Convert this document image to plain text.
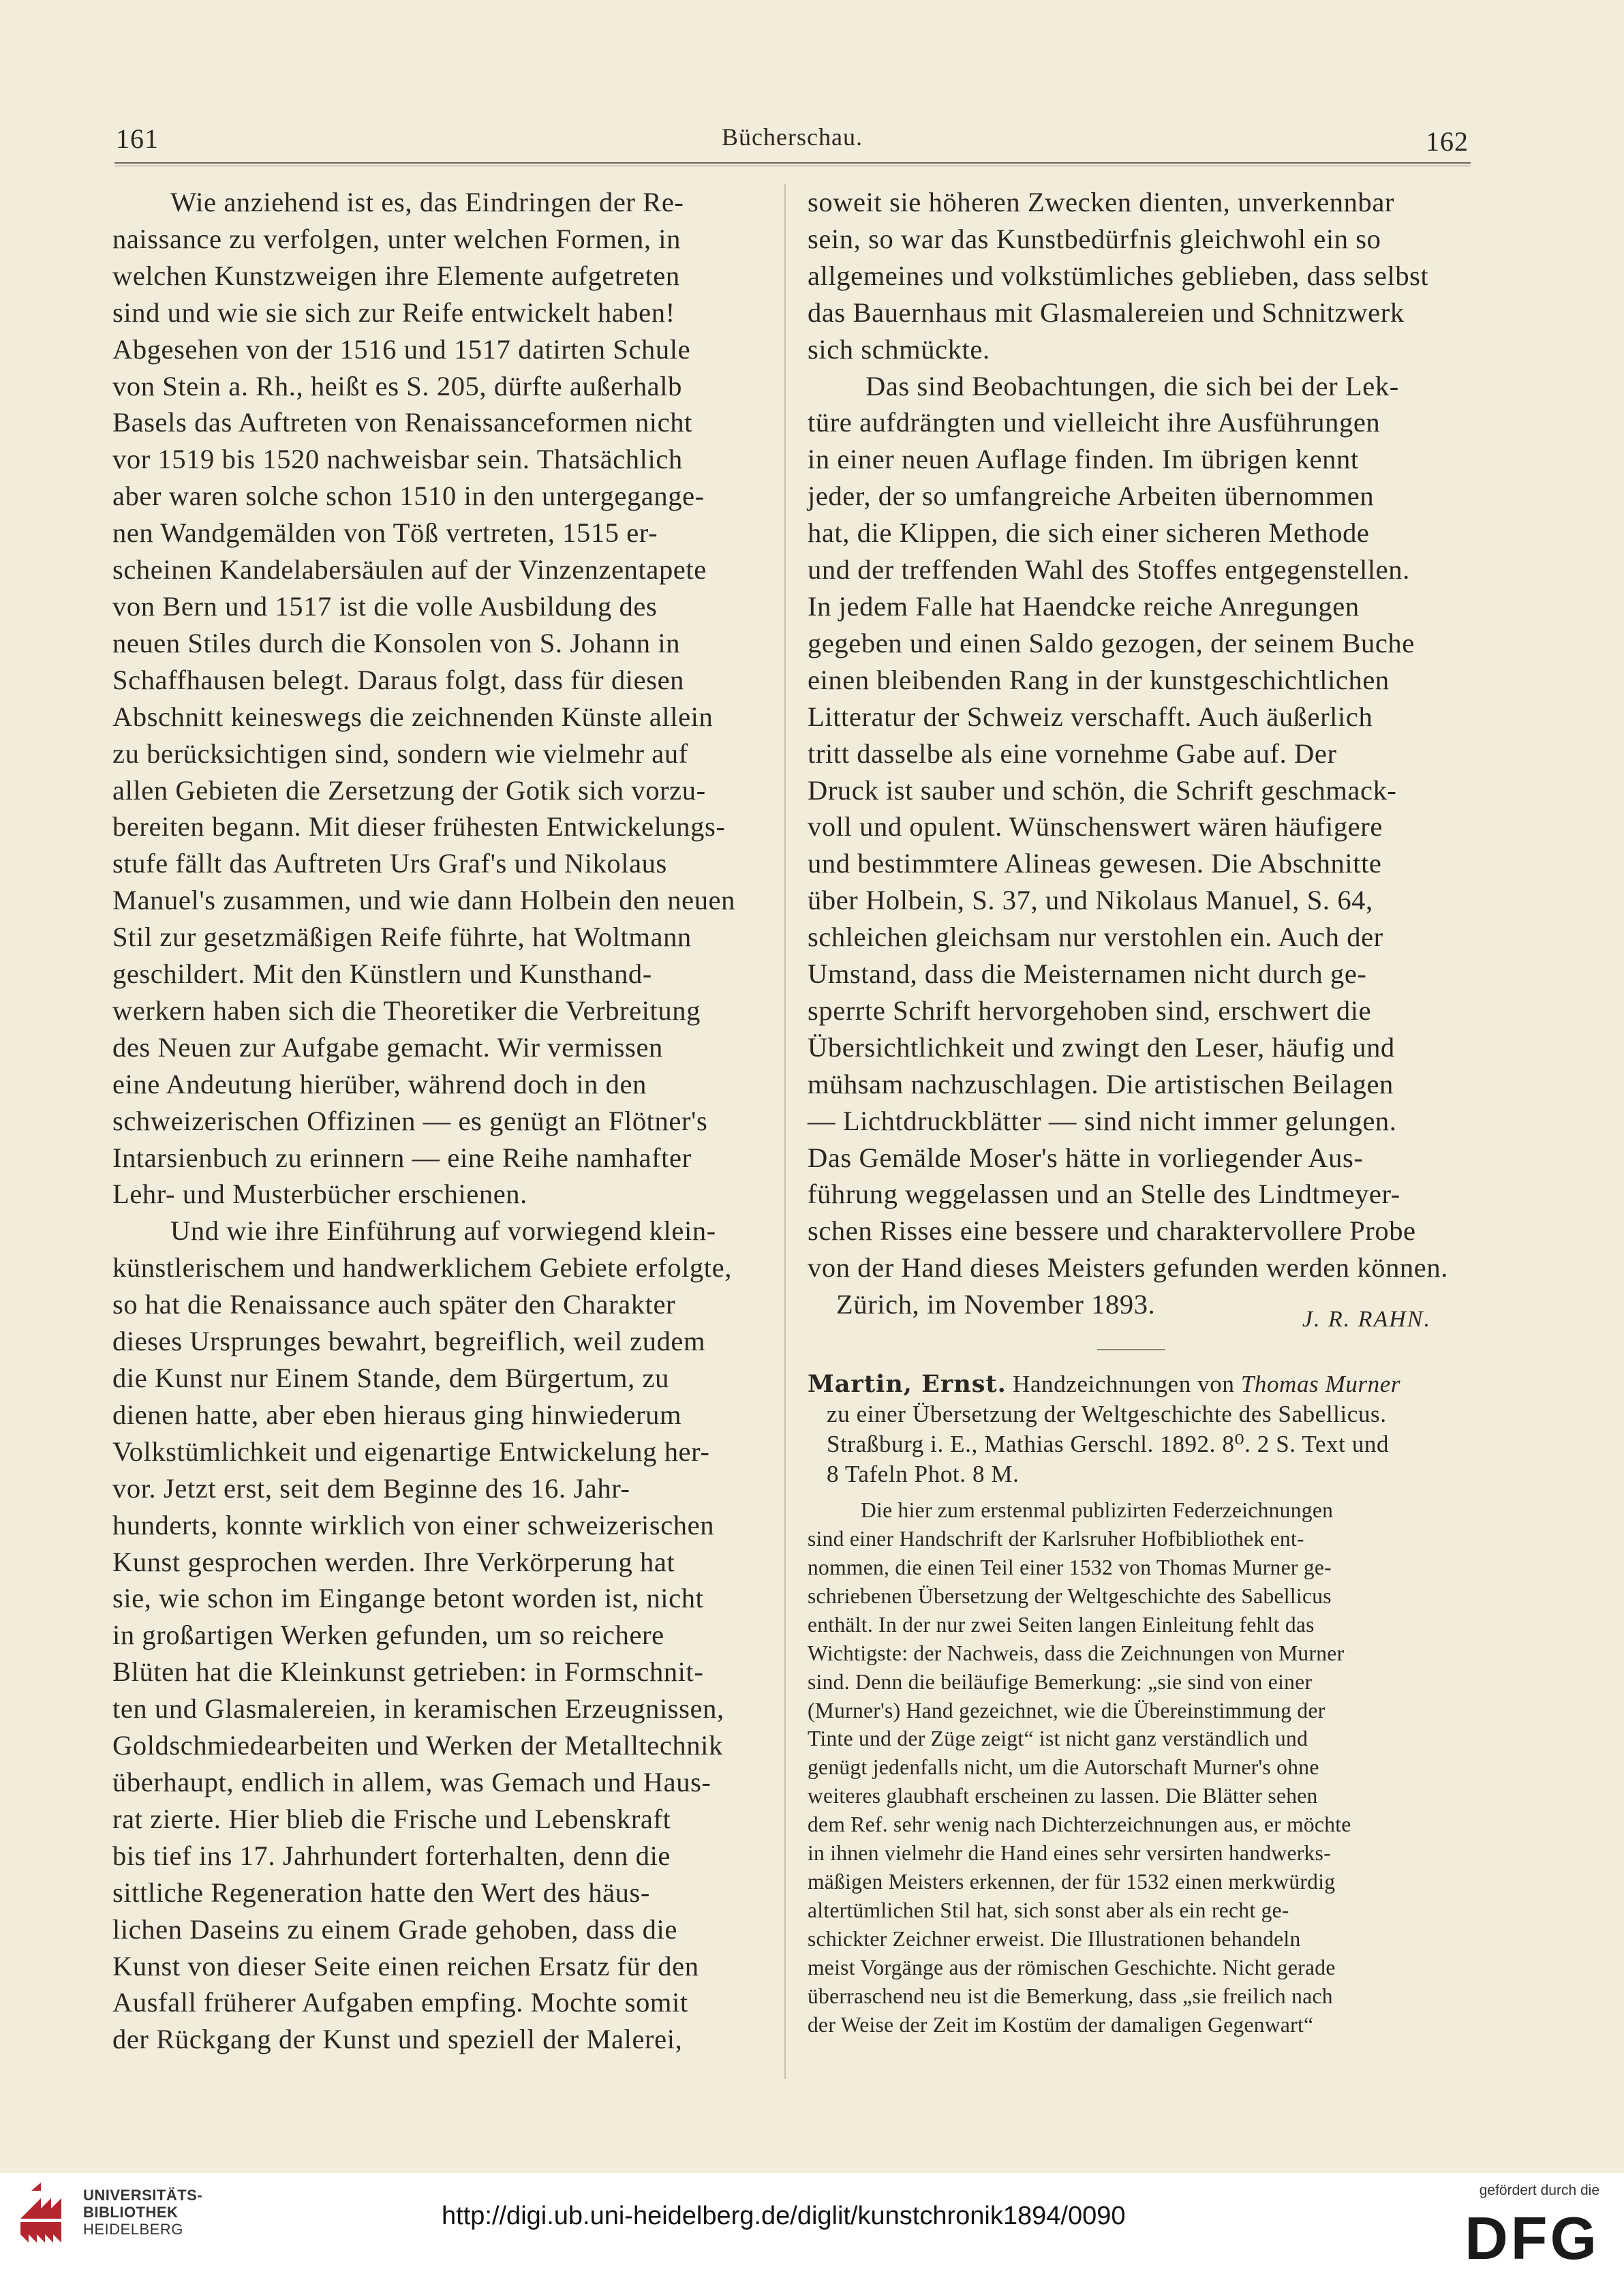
161	Bücherschau.	162

Wie anziehend ist es, das Eindringen der Re-

naissance zu verfolgen, unter welchen Formen, in

welchen Kunstzweigen ihre Elemente aufgetreten

sind und wie sie sich zur Reife entwickelt haben!

Abgesehen von der 1516 und 1517 datirten Schule

von Stein a. Rh., heißt es S. 205, dürfte außerhalb

Basels das Auftreten von Renaissanceformen nicht

vor 1519 bis 1520 nachweisbar sein. Thatsächlich

aber waren solche schon 1510 in den untergegange-

nen Wandgemälden von Töß vertreten, 1515 er-

scheinen Kandelabersäulen auf der Vinzenzentapete

von Bern und 1517 ist die volle Ausbildung des

neuen Stiles durch die Konsolen von S. Johann in

Schaffhausen belegt. Daraus folgt, dass für diesen

Abschnitt keineswegs die zeichnenden Künste allein

zu berücksichtigen sind, sondern wie vielmehr auf

allen Gebieten die Zersetzung der Gotik sich vorzu-

bereiten begann. Mit dieser frühesten Entwickelungs-

stufe fällt das Auftreten Urs Graf's und Nikolaus

Manuel's zusammen, und wie dann Holbein den neuen

Stil zur gesetzmäßigen Reife führte, hat Woltmann

geschildert. Mit den Künstlern und Kunsthand-

werkern haben sich die Theoretiker die Verbreitung

des Neuen zur Aufgabe gemacht. Wir vermissen

eine Andeutung hierüber, während doch in den

schweizerischen Offizinen — es genügt an Flötner's

Intarsienbuch zu erinnern — eine Reihe namhafter

Lehr- und Musterbücher erschienen.

Und wie ihre Einführung auf vorwiegend klein-

künstlerischem und handwerklichem Gebiete erfolgte,

so hat die Renaissance auch später den Charakter

dieses Ursprunges bewahrt, begreiflich, weil zudem

die Kunst nur Einem Stande, dem Bürgertum, zu

dienen hatte, aber eben hieraus ging hinwiederum

Volkstümlichkeit und eigenartige Entwickelung her-

vor. Jetzt erst, seit dem Beginne des 16. Jahr-

hunderts, konnte wirklich von einer schweizerischen

Kunst gesprochen werden. Ihre Verkörperung hat

sie, wie schon im Eingange betont worden ist, nicht

in großartigen Werken gefunden, um so reichere

Blüten hat die Kleinkunst getrieben: in Formschnit-

ten und Glasmalereien, in keramischen Erzeugnissen,

Goldschmiedearbeiten und Werken der Metalltechnik

überhaupt, endlich in allem, was Gemach und Haus-

rat zierte. Hier blieb die Frische und Lebenskraft

bis tief ins 17. Jahrhundert forterhalten, denn die

sittliche Regeneration hatte den Wert des häus-

lichen Daseins zu einem Grade gehoben, dass die

Kunst von dieser Seite einen reichen Ersatz für den

Ausfall früherer Aufgaben empfing. Mochte somit

der Rückgang der Kunst und speziell der Malerei,

soweit sie höheren Zwecken dienten, unverkennbar

sein, so war das Kunstbedürfnis gleichwohl ein so

allgemeines und volkstümliches geblieben, dass selbst

das Bauernhaus mit Glasmalereien und Schnitzwerk

sich schmückte.

Das sind Beobachtungen, die sich bei der Lek-

türe aufdrängten und vielleicht ihre Ausführungen

in einer neuen Auflage finden. Im übrigen kennt

jeder, der so umfangreiche Arbeiten übernommen

hat, die Klippen, die sich einer sicheren Methode

und der treffenden Wahl des Stoffes entgegenstellen.

In jedem Falle hat Haendcke reiche Anregungen

gegeben und einen Saldo gezogen, der seinem Buche

einen bleibenden Rang in der kunstgeschichtlichen

Litteratur der Schweiz verschafft. Auch äußerlich

tritt dasselbe als eine vornehme Gabe auf. Der

Druck ist sauber und schön, die Schrift geschmack-

voll und opulent. Wünschenswert wären häufigere

und bestimmtere Alineas gewesen. Die Abschnitte

über Holbein, S. 37, und Nikolaus Manuel, S. 64,

schleichen gleichsam nur verstohlen ein. Auch der

Umstand, dass die Meisternamen nicht durch ge-

sperrte Schrift hervorgehoben sind, erschwert die

Übersichtlichkeit und zwingt den Leser, häufig und

mühsam nachzuschlagen. Die artistischen Beilagen

— Lichtdruckblätter — sind nicht immer gelungen.

Das Gemälde Moser's hätte in vorliegender Aus-

führung weggelassen und an Stelle des Lindtmeyer-

schen Risses eine bessere und charaktervollere Probe

von der Hand dieses Meisters gefunden werden können.

Zürich, im November 1893.	J. R. RAHN.
Martin, Ernst. Handzeichnungen von Thomas Murner
zu einer Übersetzung der Weltgeschichte des Sabellicus.
Straßburg i. E., Mathias Gerschl. 1892. 8⁰. 2 S. Text und
8 Tafeln Phot. 8 M.
Die hier zum erstenmal publizirten Federzeichnungen
sind einer Handschrift der Karlsruher Hofbibliothek ent-
nommen, die einen Teil einer 1532 von Thomas Murner ge-
schriebenen Übersetzung der Weltgeschichte des Sabellicus
enthält. In der nur zwei Seiten langen Einleitung fehlt das
Wichtigste: der Nachweis, dass die Zeichnungen von Murner
sind. Denn die beiläufige Bemerkung: „sie sind von einer
(Murner's) Hand gezeichnet, wie die Übereinstimmung der
Tinte und der Züge zeigt“ ist nicht ganz verständlich und
genügt jedenfalls nicht, um die Autorschaft Murner's ohne
weiteres glaubhaft erscheinen zu lassen. Die Blätter sehen
dem Ref. sehr wenig nach Dichterzeichnungen aus, er möchte
in ihnen vielmehr die Hand eines sehr versirten handwerks-
mäßigen Meisters erkennen, der für 1532 einen merkwürdig
altertümlichen Stil hat, sich sonst aber als ein recht ge-
schickter Zeichner erweist. Die Illustrationen behandeln
meist Vorgänge aus der römischen Geschichte. Nicht gerade
überraschend neu ist die Bemerkung, dass „sie freilich nach
der Weise der Zeit im Kostüm der damaligen Gegenwart“
UNIVERSITÄTS-
BIBLIOTHEK
HEIDELBERG	http://digi.ub.uni-heidelberg.de/diglit/kunstchronik1894/0090
gefördert durch die
DFG
